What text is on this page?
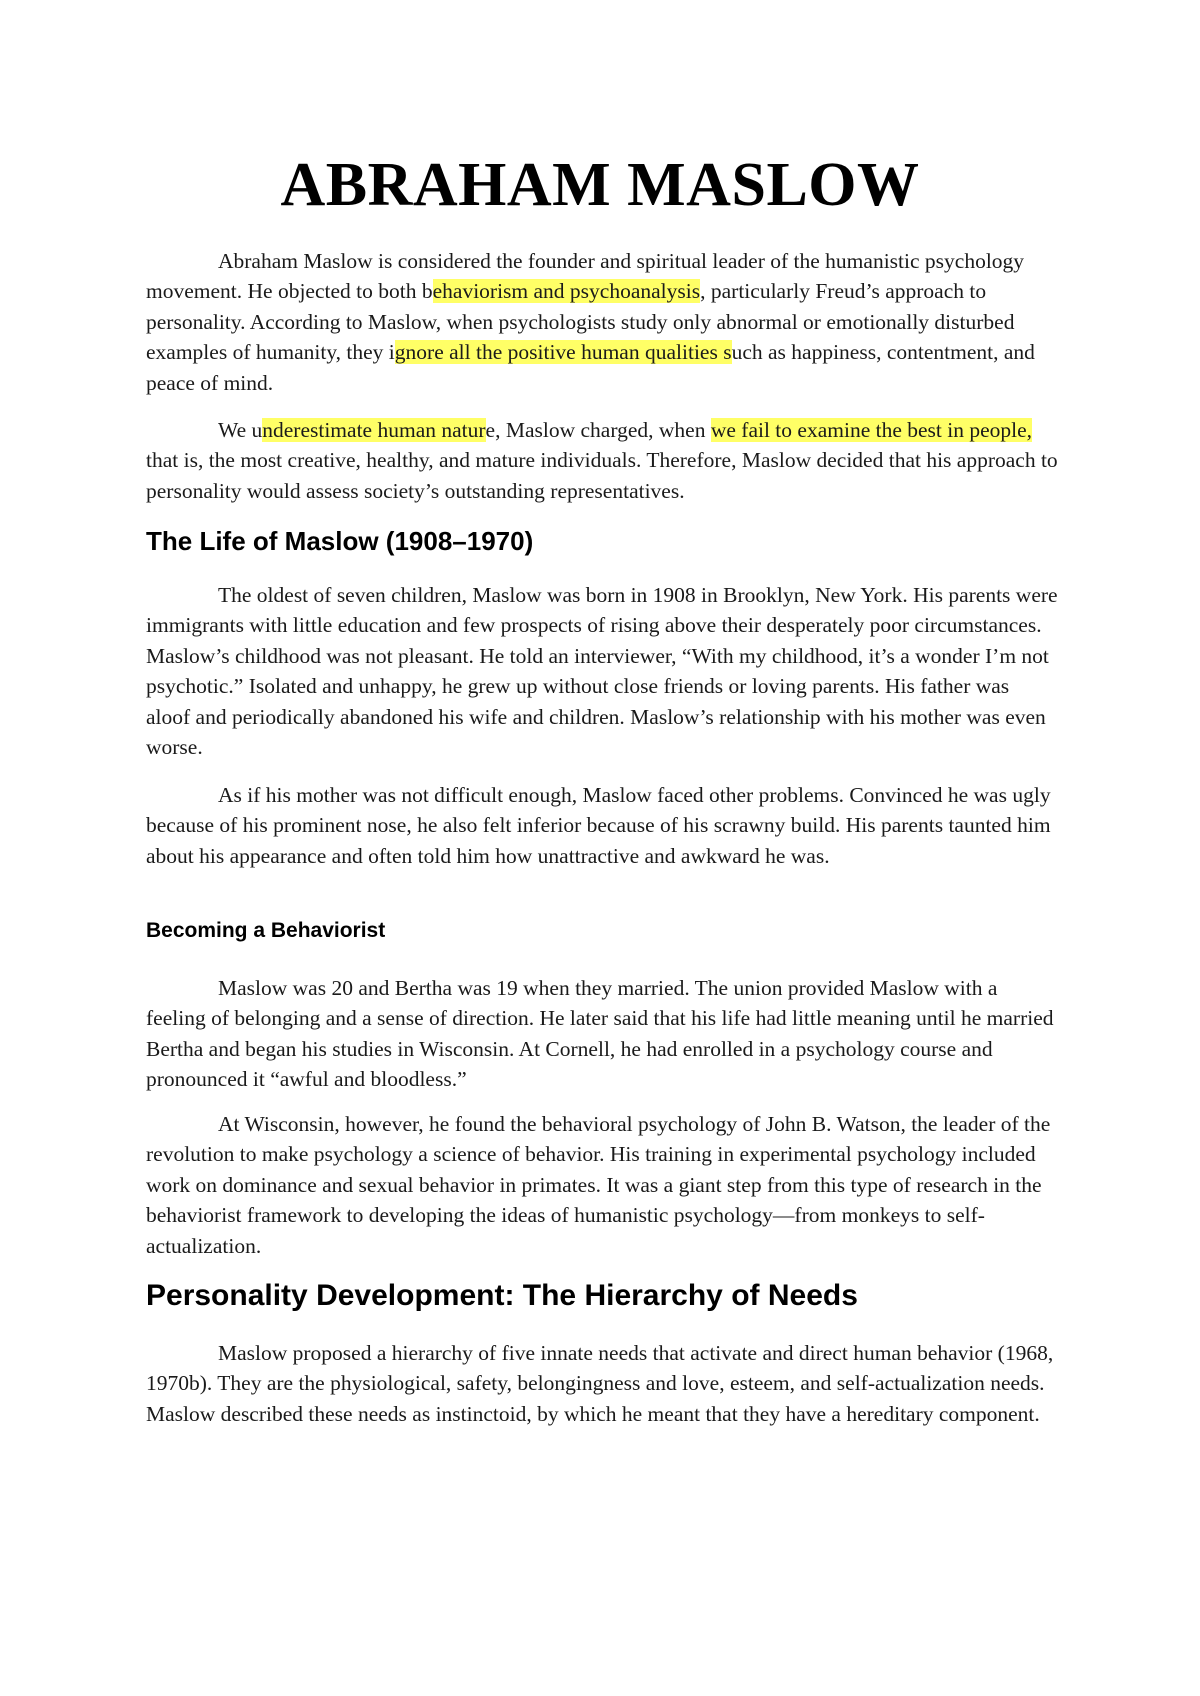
ABRAHAM MASLOW

Abraham Maslow is considered the founder and spiritual leader of the humanistic psychology movement. He objected to both behaviorism and psychoanalysis, particularly Freud’s approach to personality. According to Maslow, when psychologists study only abnormal or emotionally disturbed examples of humanity, they ignore all the positive human qualities such as happiness, contentment, and peace of mind.

We underestimate human nature, Maslow charged, when we fail to examine the best in people, that is, the most creative, healthy, and mature individuals. Therefore, Maslow decided that his approach to personality would assess society’s outstanding representatives.

The Life of Maslow (1908–1970)

The oldest of seven children, Maslow was born in 1908 in Brooklyn, New York. His parents were immigrants with little education and few prospects of rising above their desperately poor circumstances. Maslow’s childhood was not pleasant. He told an interviewer, “With my childhood, it’s a wonder I’m not psychotic.” Isolated and unhappy, he grew up without close friends or loving parents. His father was aloof and periodically abandoned his wife and children. Maslow’s relationship with his mother was even worse.

As if his mother was not difficult enough, Maslow faced other problems. Convinced he was ugly because of his prominent nose, he also felt inferior because of his scrawny build. His parents taunted him about his appearance and often told him how unattractive and awkward he was.

Becoming a Behaviorist

Maslow was 20 and Bertha was 19 when they married. The union provided Maslow with a feeling of belonging and a sense of direction. He later said that his life had little meaning until he married Bertha and began his studies in Wisconsin. At Cornell, he had enrolled in a psychology course and pronounced it “awful and bloodless.”

At Wisconsin, however, he found the behavioral psychology of John B. Watson, the leader of the revolution to make psychology a science of behavior. His training in experimental psychology included work on dominance and sexual behavior in primates. It was a giant step from this type of research in the behaviorist framework to developing the ideas of humanistic psychology—from monkeys to self-actualization.

Personality Development: The Hierarchy of Needs

Maslow proposed a hierarchy of five innate needs that activate and direct human behavior (1968, 1970b). They are the physiological, safety, belongingness and love, esteem, and self-actualization needs. Maslow described these needs as instinctoid, by which he meant that they have a hereditary component.
